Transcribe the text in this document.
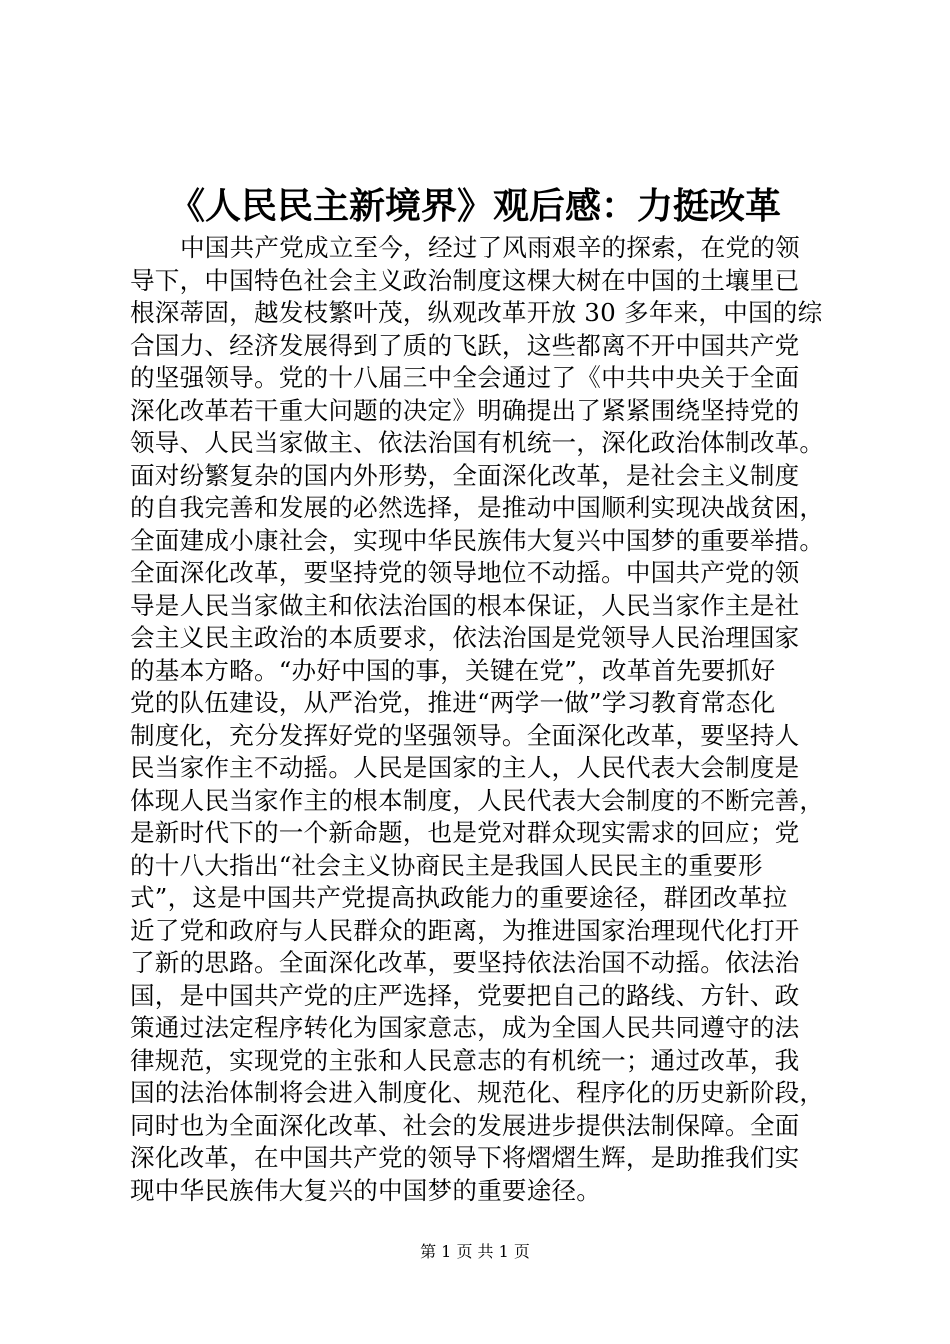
《人民民主新境界》观后感：力挺改革
中国共产党成立至今，经过了风雨艰辛的探索，在党的领
导下，中国特色社会主义政治制度这棵大树在中国的土壤里已
根深蒂固，越发枝繁叶茂，纵观改革开放 30 多年来，中国的综
合国力、经济发展得到了质的飞跃，这些都离不开中国共产党
的坚强领导。党的十八届三中全会通过了《中共中央关于全面
深化改革若干重大问题的决定》明确提出了紧紧围绕坚持党的
领导、人民当家做主、依法治国有机统一，深化政治体制改革。
面对纷繁复杂的国内外形势，全面深化改革，是社会主义制度
的自我完善和发展的必然选择，是推动中国顺利实现决战贫困，
全面建成小康社会，实现中华民族伟大复兴中国梦的重要举措。
全面深化改革，要坚持党的领导地位不动摇。中国共产党的领
导是人民当家做主和依法治国的根本保证，人民当家作主是社
会主义民主政治的本质要求，依法治国是党领导人民治理国家
的基本方略。“办好中国的事，关键在党”，改革首先要抓好
党的队伍建设，从严治党，推进“两学一做”学习教育常态化
制度化，充分发挥好党的坚强领导。全面深化改革，要坚持人
民当家作主不动摇。人民是国家的主人，人民代表大会制度是
体现人民当家作主的根本制度，人民代表大会制度的不断完善，
是新时代下的一个新命题，也是党对群众现实需求的回应；党
的十八大指出“社会主义协商民主是我国人民民主的重要形
式”，这是中国共产党提高执政能力的重要途径，群团改革拉
近了党和政府与人民群众的距离，为推进国家治理现代化打开
了新的思路。全面深化改革，要坚持依法治国不动摇。依法治
国，是中国共产党的庄严选择，党要把自己的路线、方针、政
策通过法定程序转化为国家意志，成为全国人民共同遵守的法
律规范，实现党的主张和人民意志的有机统一；通过改革，我
国的法治体制将会进入制度化、规范化、程序化的历史新阶段，
同时也为全面深化改革、社会的发展进步提供法制保障。全面
深化改革，在中国共产党的领导下将熠熠生辉，是助推我们实
现中华民族伟大复兴的中国梦的重要途径。
第 1 页 共 1 页
